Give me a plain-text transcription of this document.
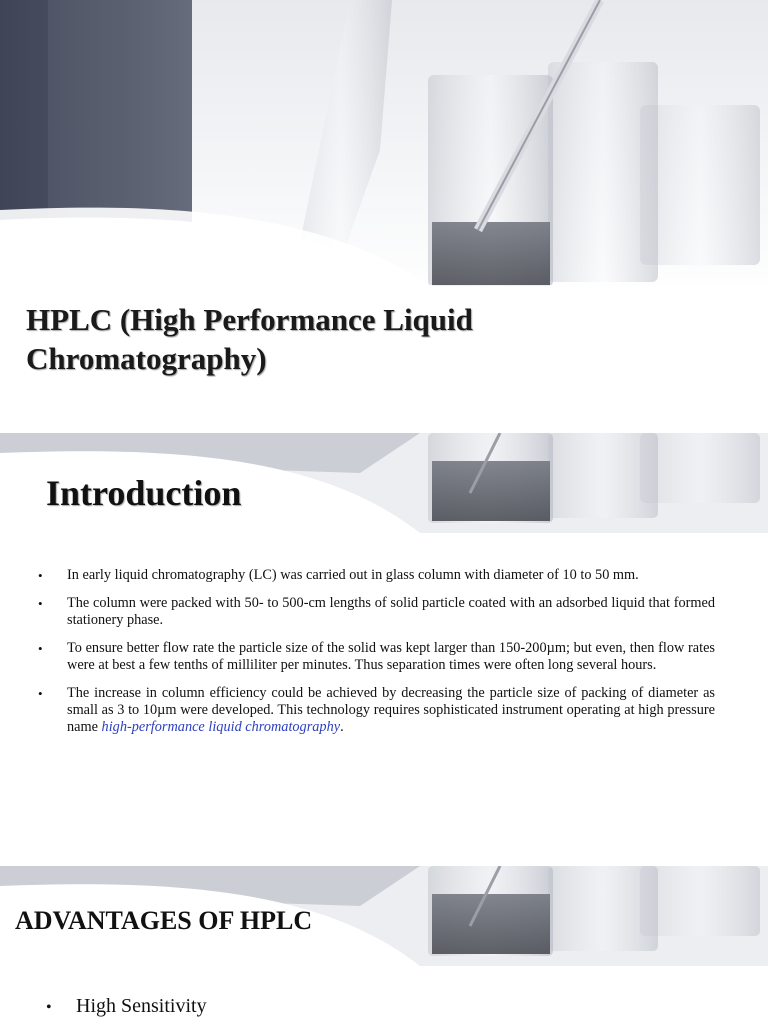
HPLC (High Performance Liquid
Chromatography)
Introduction
• In early liquid chromatography (LC) was carried out in glass column with diameter of 10 to 50 mm.
• The column were packed with 50- to 500-cm lengths of solid particle coated with an adsorbed liquid that formed stationery phase.
• To ensure better flow rate the particle size of the solid was kept larger than 150-200µm; but even, then flow rates were at best a few tenths of milliliter per minutes. Thus separation times were often long several hours.
• The increase in column efficiency could be achieved by decreasing the particle size of packing of diameter as small as 3 to 10µm were developed. This technology requires sophisticated instrument operating at high pressure name high-performance liquid chromatography.
ADVANTAGES OF HPLC
• High Sensitivity
